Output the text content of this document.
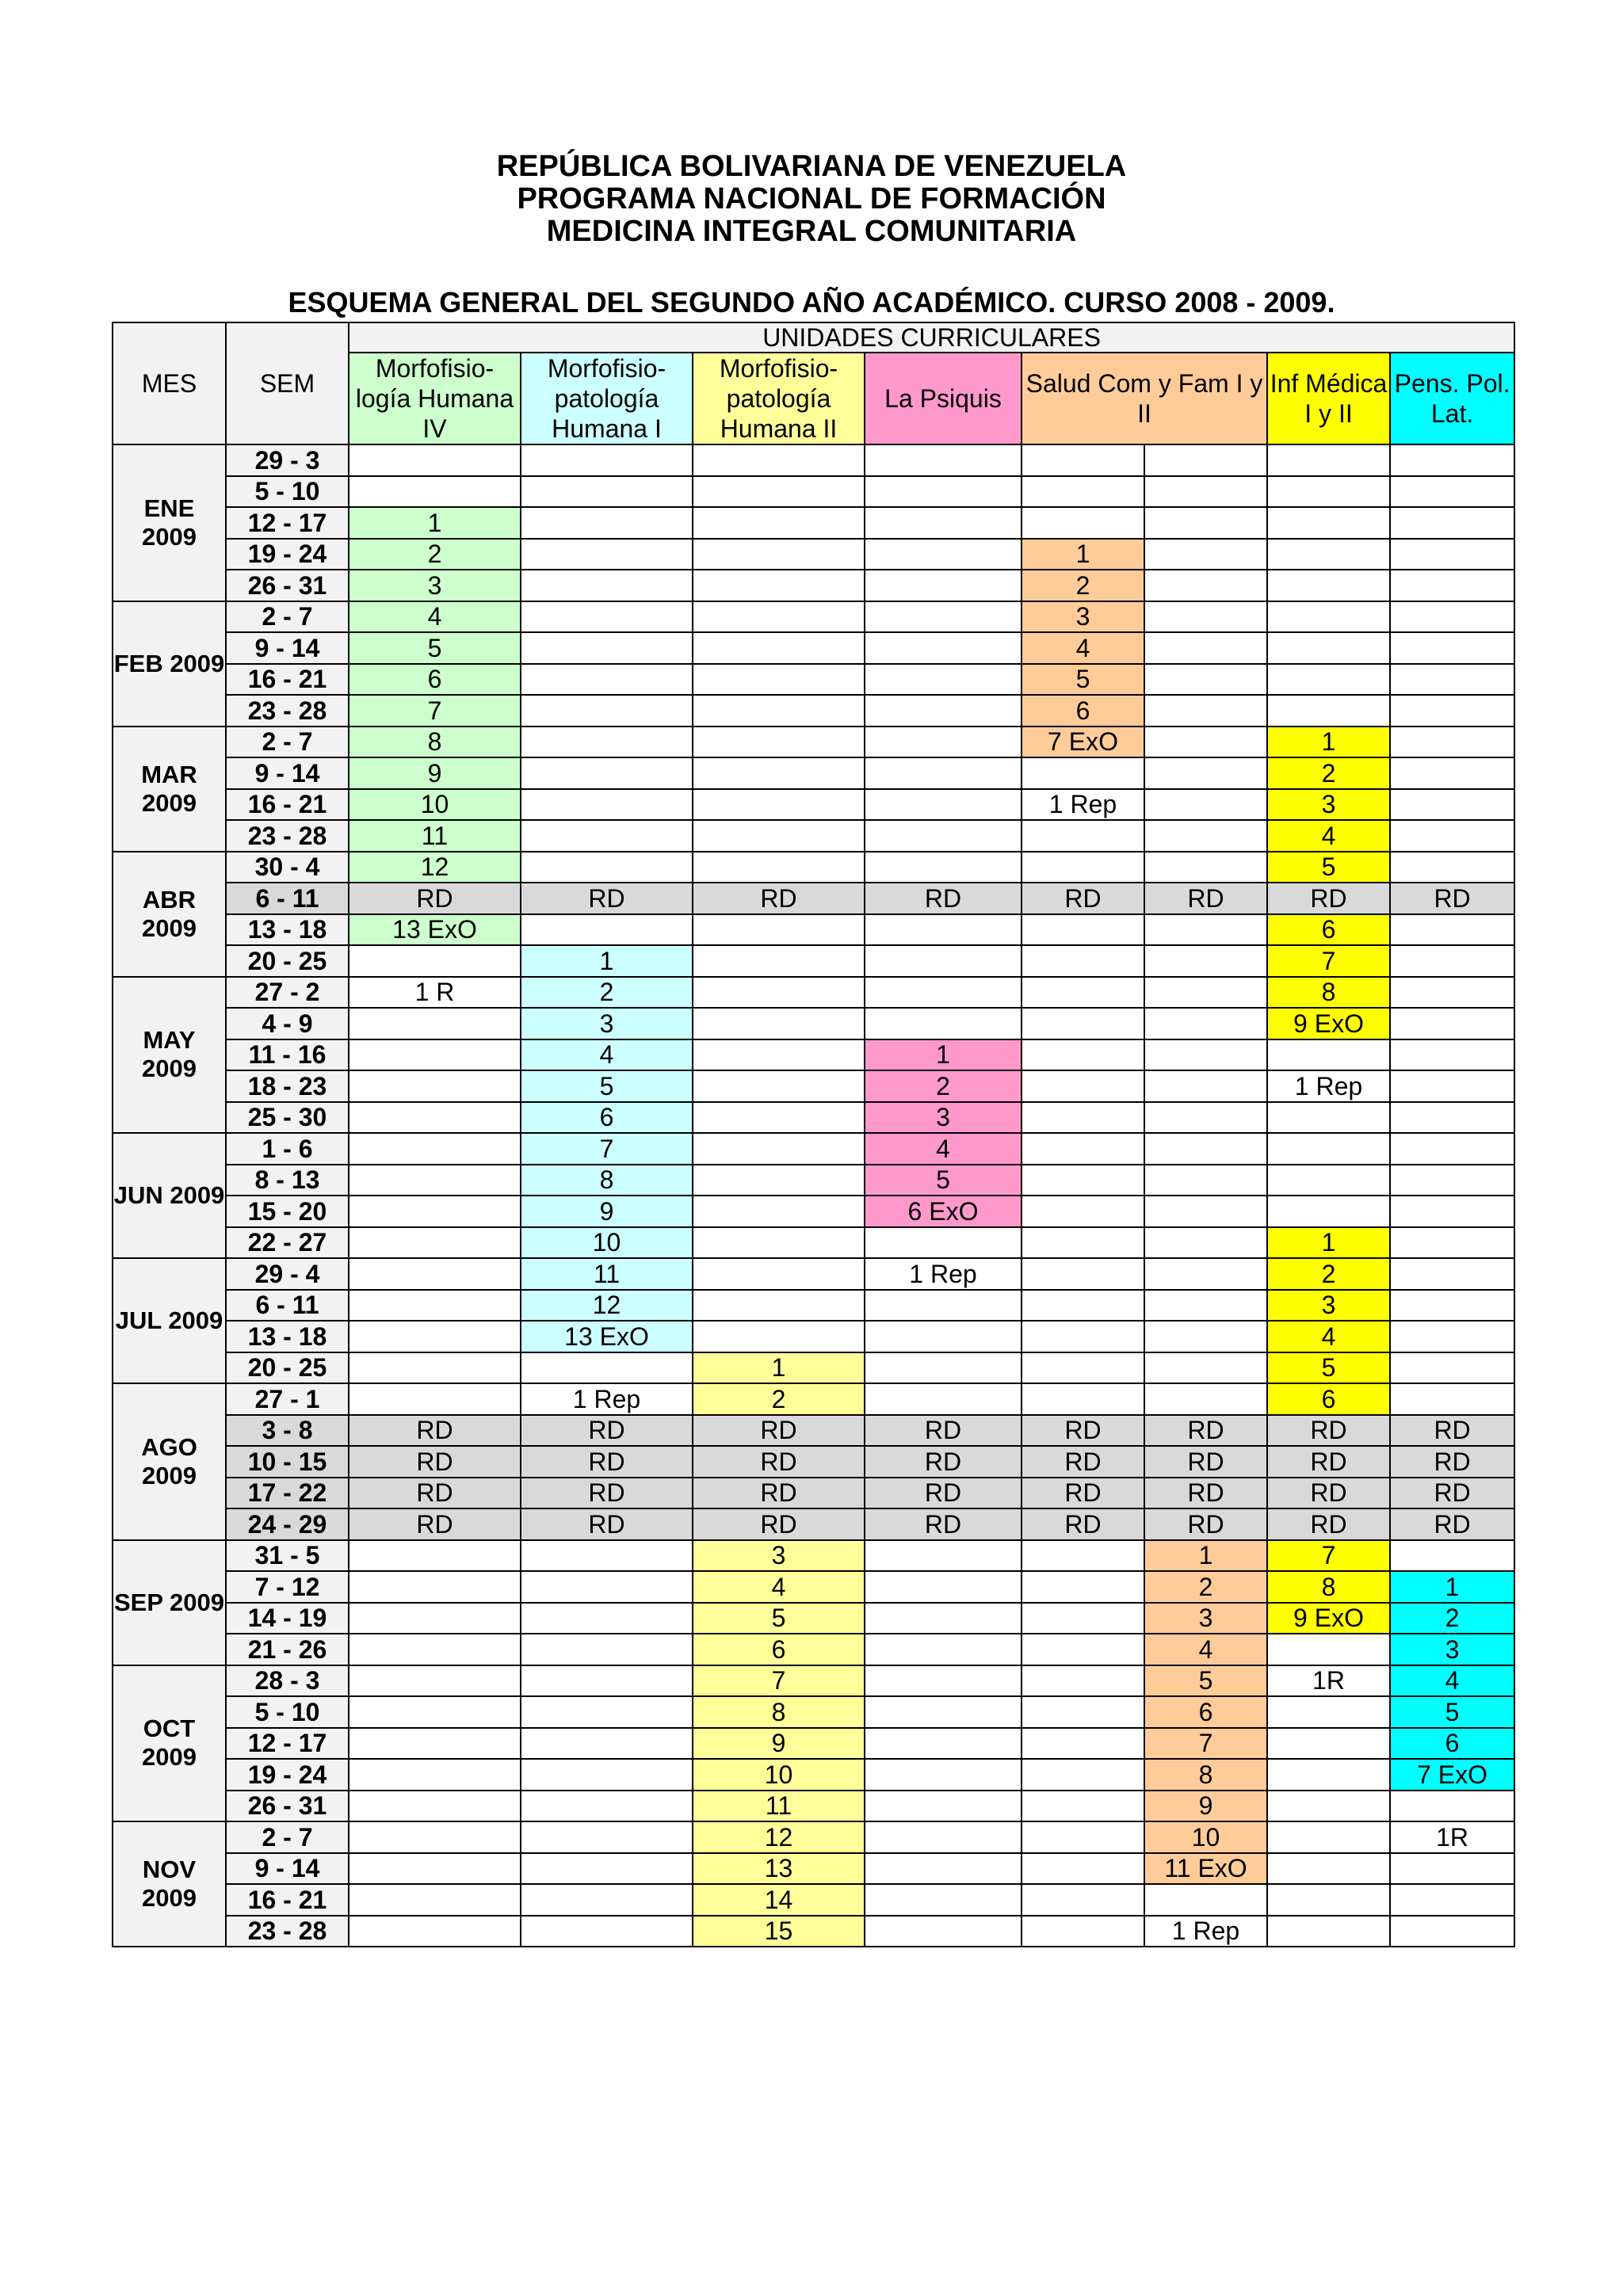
REPÚBLICA BOLIVARIANA DE VENEZUELA
PROGRAMA NACIONAL DE FORMACIÓN
MEDICINA INTEGRAL COMUNITARIA
ESQUEMA GENERAL DEL SEGUNDO AÑO ACADÉMICO. CURSO 2008 - 2009.
MES	SEM	UNIDADES CURRICULARES							
		Morfofisio-logía Humana IV	Morfofisio-patología Humana I	Morfofisio-patología Humana II	La Psiquis	Salud Com y Fam I y II		Inf Médica I y II	Pens. Pol. Lat.
ENE 2009	29 - 3								
	5 - 10								
	12 - 17	1							
	19 - 24	2				1			
	26 - 31	3				2			
FEB 2009	2 - 7	4				3			
	9 - 14	5				4			
	16 - 21	6				5			
	23 - 28	7				6			
MAR 2009	2 - 7	8				7 ExO		1	
	9 - 14	9						2	
	16 - 21	10				1 Rep		3	
	23 - 28	11						4	
ABR 2009	30 - 4	12						5	
	6 - 11	RD	RD	RD	RD	RD	RD	RD	RD
	13 - 18	13 ExO						6	
	20 - 25		1					7	
MAY 2009	27 - 2	1 R	2					8	
	4 - 9		3					9 ExO	
	11 - 16		4		1				
	18 - 23		5		2			1 Rep	
	25 - 30		6		3				
JUN 2009	1 - 6		7		4				
	8 - 13		8		5				
	15 - 20		9		6 ExO				
	22 - 27		10					1	
JUL 2009	29 - 4		11		1 Rep			2	
	6 - 11		12					3	
	13 - 18		13 ExO					4	
	20 - 25			1				5	
AGO 2009	27 - 1		1 Rep	2				6	
	3 - 8	RD	RD	RD	RD	RD	RD	RD	RD
	10 - 15	RD	RD	RD	RD	RD	RD	RD	RD
	17 - 22	RD	RD	RD	RD	RD	RD	RD	RD
	24 - 29	RD	RD	RD	RD	RD	RD	RD	RD
SEP 2009	31 - 5			3			1	7	
	7 - 12			4			2	8	1
	14 - 19			5			3	9 ExO	2
	21 - 26			6			4		3
OCT 2009	28 - 3			7			5	1R	4
	5 - 10			8			6		5
	12 - 17			9			7		6
	19 - 24			10			8		7 ExO
	26 - 31			11			9		
NOV 2009	2 - 7			12			10		1R
	9 - 14			13			11 ExO		
	16 - 21			14					
	23 - 28			15			1 Rep		
